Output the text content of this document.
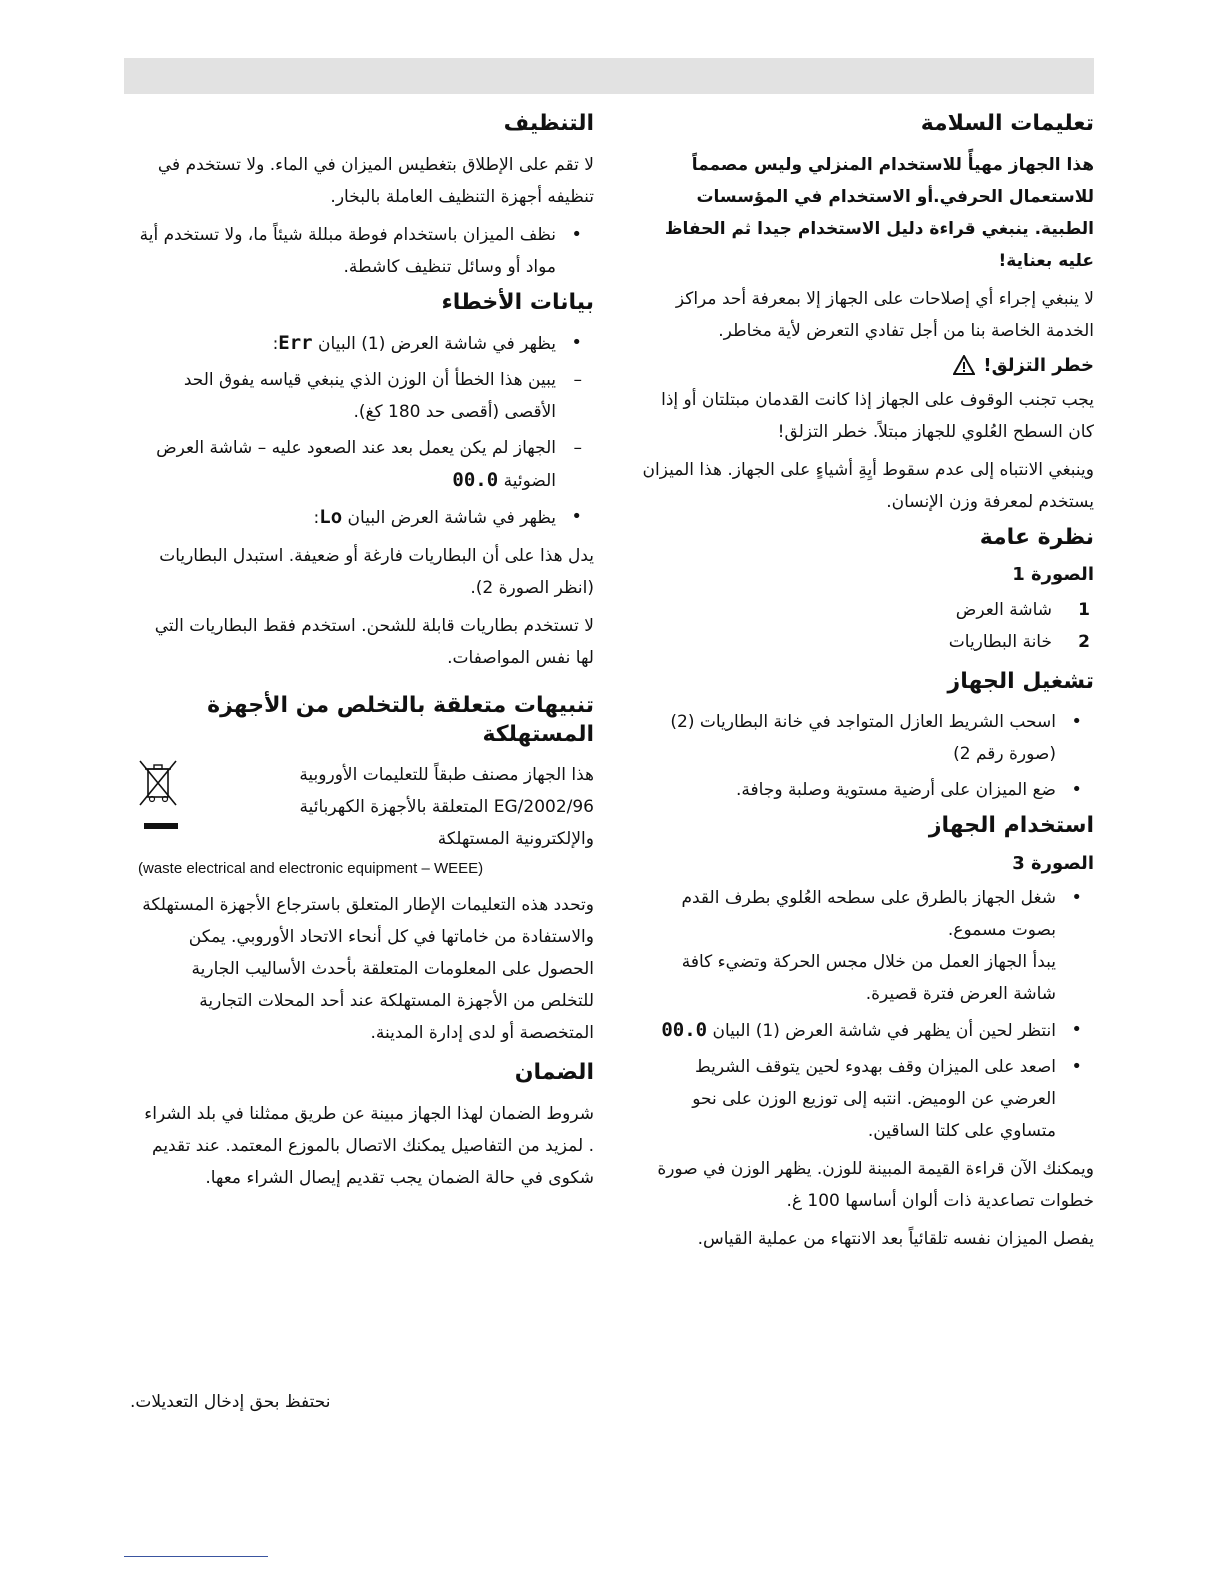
تعليمات السلامة

هذا الجهاز مهيأً للاستخدام المنزلي وليس مصمماً للاستعمال الحرفي.أو الاستخدام في المؤسسات الطبية. ينبغي قراءة دليل الاستخدام جيدا ثم الحفاظ عليه بعناية!

لا ينبغي إجراء أي إصلاحات على الجهاز إلا بمعرفة أحد مراكز الخدمة الخاصة بنا من أجل تفادي التعرض لأية مخاطر.

خطر التزلق!

يجب تجنب الوقوف على الجهاز إذا كانت القدمان مبتلتان أو إذا كان السطح العُلوي للجهاز مبتلاً. خطر التزلق!

وينبغي الانتباه إلى عدم سقوط أيِةِ أشياءٍ على الجهاز. هذا الميزان يستخدم لمعرفة وزن الإنسان.

نظرة عامة
الصورة 1
1
شاشة العرض
2
خانة البطاريات
تشغيل الجهاز
• اسحب الشريط العازل المتواجد في خانة البطاريات (2) (صورة رقم 2)
• ضع الميزان على أرضية مستوية وصلبة وجافة.
استخدام الجهاز
الصورة 3
• شغل الجهاز بالطرق على سطحه العُلوي بطرف القدم بصوت مسموع.
يبدأ الجهاز العمل من خلال مجس الحركة وتضيء كافة شاشة العرض فترة قصيرة.
• انتظر لحين أن يظهر في شاشة العرض (1) البيان 00.0
• اصعد على الميزان وقف بهدوء لحين يتوقف الشريط العرضي عن الوميض. انتبه إلى توزيع الوزن على نحو متساوي على كلتا الساقين.

ويمكنك الآن قراءة القيمة المبينة للوزن. يظهر الوزن في صورة خطوات تصاعدية ذات ألوان أساسها 100 غ.

يفصل الميزان نفسه تلقائياً بعد الانتهاء من عملية القياس.

التنظيف

لا تقم على الإطلاق بتغطيس الميزان في الماء. ولا تستخدم في تنظيفه أجهزة التنظيف العاملة بالبخار.

• نظف الميزان باستخدام فوطة مبللة شيئاً ما، ولا تستخدم أية مواد أو وسائل تنظيف كاشطة.
بيانات الأخطاء
• يظهر في شاشة العرض (1) البيان Err:
– يبين هذا الخطأ أن الوزن الذي ينبغي قياسه يفوق الحد الأقصى (أقصى حد 180 كغ).
– الجهاز لم يكن يعمل بعد عند الصعود عليه – شاشة العرض الضوئية 00.0
• يظهر في شاشة العرض البيان Lo:

يدل هذا على أن البطاريات فارغة أو ضعيفة. استبدل البطاريات (انظر الصورة 2).

لا تستخدم بطاريات قابلة للشحن. استخدم فقط البطاريات التي لها نفس المواصفات.

تنبيهات متعلقة بالتخلص من الأجهزة المستهلكة

هذا الجهاز مصنف طبقاً للتعليمات الأوروبية

2002/96/EG المتعلقة بالأجهزة الكهربائية

والإلكترونية المستهلكة

(waste electrical and electronic equipment – WEEE)

وتحدد هذه التعليمات الإطار المتعلق باسترجاع الأجهزة المستهلكة والاستفادة من خاماتها في كل أنحاء الاتحاد الأوروبي. يمكن الحصول على المعلومات المتعلقة بأحدث الأساليب الجارية للتخلص من الأجهزة المستهلكة عند أحد المحلات التجارية المتخصصة أو لدى إدارة المدينة.

الضمان

شروط الضمان لهذا الجهاز مبينة عن طريق ممثلنا في بلد الشراء . لمزيد من التفاصيل يمكنك الاتصال بالموزع المعتمد. عند تقديم شكوى في حالة الضمان يجب تقديم إيصال الشراء معها.

نحتفظ بحق إدخال التعديلات.
